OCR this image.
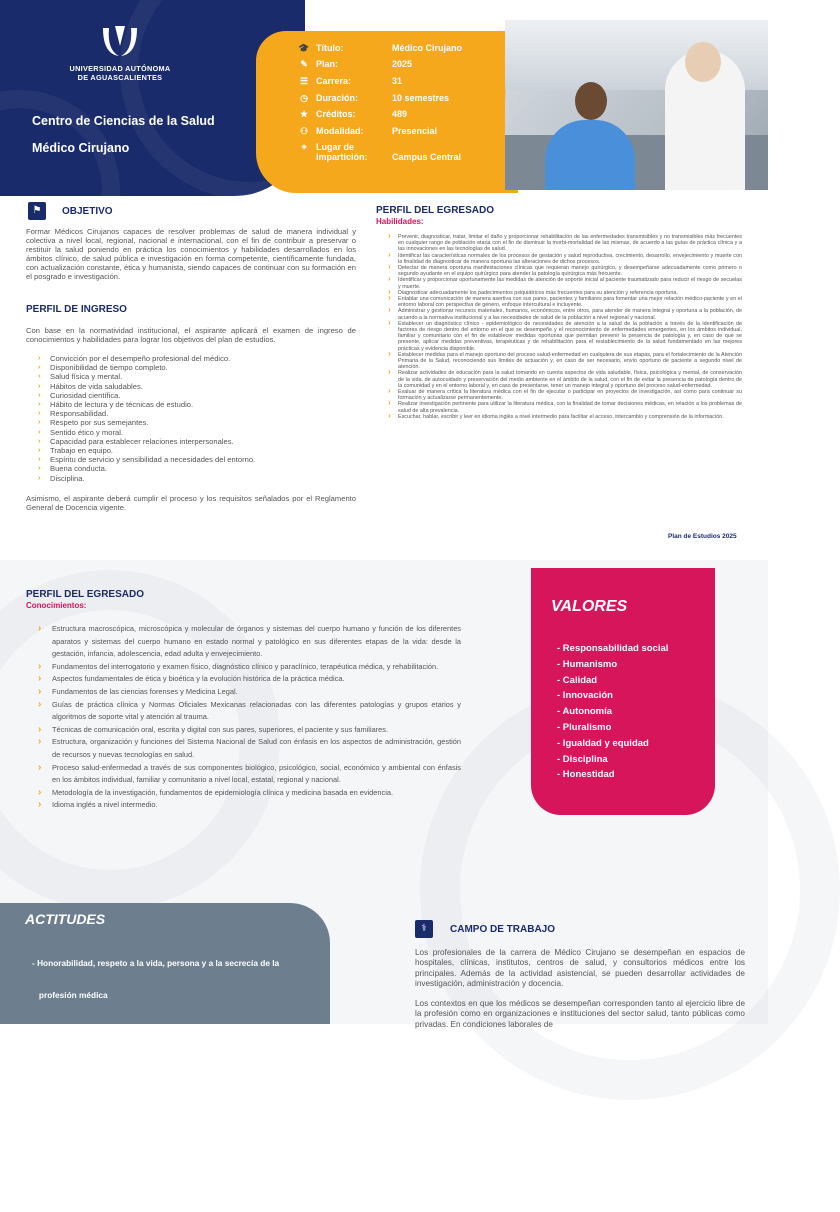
UNIVERSIDAD AUTÓNOMA
DE AGUASCALIENTES
Centro de Ciencias de la Salud
Médico Cirujano
🎓 Título:	Médico Cirujano
✎ Plan:	2025
☰ Carrera:	31
◷ Duración:	10 semestres
★ Créditos:	489
⚇ Modalidad:	Presencial
⌖	Lugar de impartición:	Campus Central
⚑	OBJETIVO
Formar Médicos Cirujanos capaces de resolver problemas de salud de manera individual y colectiva a nivel local, regional, nacional e internacional, con el fin de contribuir a preservar o restituir la salud poniendo en práctica los conocimientos y habilidades desarrollados en los ámbitos clínico, de salud pública e investigación en forma competente, científicamente fundada, con actualización constante, ética y humanista, siendo capaces de continuar con su formación en el posgrado e investigación.
PERFIL DE INGRESO
Con base en la normatividad institucional, el aspirante aplicará el examen de ingreso de conocimientos y habilidades para lograr los objetivos del plan de estudios.
› Convicción por el desempeño profesional del médico.
› Disponibilidad de tiempo completo.
› Salud física y mental.
› Hábitos de vida saludables.
› Curiosidad científica.
› Hábito de lectura y de técnicas de estudio.
› Responsabilidad.
› Respeto por sus semejantes.
› Sentido ético y moral.
› Capacidad para establecer relaciones interpersonales.
› Trabajo en equipo.
› Espíritu de servicio y sensibilidad a necesidades del entorno.
› Buena conducta.
› Disciplina.
Asimismo, el aspirante deberá cumplir el proceso y los requisitos señalados por el Reglamento General de Docencia vigente.
PERFIL DEL EGRESADO
Habilidades:
› Prevenir, diagnosticar, tratar, limitar el daño y proporcionar rehabilitación de las enfermedades transmisibles y no transmisibles más frecuentes en cualquier rango de población etaria con el fin de disminuir la morbi-mortalidad de las mismas, de acuerdo a las guías de práctica clínica y a las innovaciones en las tecnologías de salud.
› Identificar las características normales de los procesos de gestación y salud reproductiva, crecimiento, desarrollo, envejecimiento y muerte con la finalidad de diagnosticar de manera oportuna las alteraciones de dichos procesos.
› Detectar de manera oportuna manifestaciones clínicas que requieran manejo quirúrgico, y desempeñarse adecuadamente como primero o segundo ayudante en el equipo quirúrgico para atender la patología quirúrgica más frecuente.
› Identificar y proporcionar oportunamente las medidas de atención de soporte inicial al paciente traumatizado para reducir el riesgo de secuelas y muerte.
› Diagnosticar adecuadamente los padecimientos psiquiátricos más frecuentes para su atención y referencia oportuna.
› Entablar una comunicación de manera asertiva con sus pares, pacientes y familiares para fomentar una mejor relación médico-paciente y en el entorno laboral con perspectiva de género, enfoque intercultural e incluyente.
› Administrar y gestionar recursos materiales, humanos, económicos, entre otros, para atender de manera integral y oportuna a la población, de acuerdo a la normativa institucional y a las necesidades de salud de la población a nivel regional y nacional.
› Establecer un diagnóstico clínico - epidemiológico de necesidades de atención a la salud de la población a través de la identificación de factores de riesgo dentro del entorno en el que se desempeñe y el reconocimiento de enfermedades emergentes, en los ámbitos individual, familiar y comunitario con el fin de establecer medidas oportunas que permitan prevenir la presencia de patología y, en caso de que se presente, aplicar medidas preventivas, terapéuticas y de rehabilitación para el restablecimiento de la salud fundamentado en las mejores prácticas y evidencia disponible.
› Establecer medidas para el manejo oportuno del proceso salud-enfermedad en cualquiera de sus etapas, para el fortalecimiento de la Atención Primaria de la Salud, reconociendo sus límites de actuación y, en caso de ser necesario, envío oportuno de paciente a segundo nivel de atención.
› Realizar actividades de educación para la salud tomando en cuenta aspectos de vida saludable, física, psicológica y mental, de conservación de la vida, de autocuidado y preservación del medio ambiente en el ámbito de la salud, con el fin de evitar la presencia de patología dentro de la comunidad y en el entorno laboral y, en caso de presentarse, tener un manejo integral y oportuno del proceso salud-enfermedad.
› Evaluar de manera crítica la literatura médica con el fin de ejecutar o participar en proyectos de investigación, así como para continuar su formación y actualizarse permanentemente.
› Realizar investigación pertinente para utilizar la literatura médica, con la finalidad de tomar decisiones médicas, en relación a los problemas de salud de alta prevalencia.
› Escuchar, hablar, escribir y leer en idioma inglés a nivel intermedio para facilitar el acceso, intercambio y comprensión de la información.
Plan de Estudios 2025
PERFIL DEL EGRESADO
Conocimientos:
› Estructura macroscópica, microscópica y molecular de órganos y sistemas del cuerpo humano y función de los diferentes aparatos y sistemas del cuerpo humano en estado normal y patológico en sus diferentes etapas de la vida: desde la gestación, infancia, adolescencia, edad adulta y envejecimiento.
› Fundamentos del interrogatorio y examen físico, diagnóstico clínico y paraclínico, terapéutica médica, y rehabilitación.
› Aspectos fundamentales de ética y bioética y la evolución histórica de la práctica médica.
› Fundamentos de las ciencias forenses y Medicina Legal.
› Guías de práctica clínica y Normas Oficiales Mexicanas relacionadas con las diferentes patologías y grupos etarios y algoritmos de soporte vital y atención al trauma.
› Técnicas de comunicación oral, escrita y digital con sus pares, superiores, el paciente y sus familiares.
› Estructura, organización y funciones del Sistema Nacional de Salud con énfasis en los aspectos de administración, gestión de recursos y nuevas tecnologías en salud.
› Proceso salud-enfermedad a través de sus componentes biológico, psicológico, social, económico y ambiental con énfasis en los ámbitos individual, familiar y comunitario a nivel local, estatal, regional y nacional.
› Metodología de la investigación, fundamentos de epidemiología clínica y medicina basada en evidencia.
› Idioma inglés a nivel intermedio.
VALORES
- Responsabilidad social
- Humanismo
- Calidad
- Innovación
- Autonomía
- Pluralismo
- Igualdad y equidad
- Disciplina
- Honestidad
ACTITUDES

- Honorabilidad, respeto a la vida, persona y a la secrecía de la

profesión médica

- Espíritu emprendedor

- Ética profesional

- Crítica y autocrítica

- Compañerismo y trabajo en equipo de manera interprofesional

e interdisciplinar

- Resiliencia

⚕	CAMPO DE TRABAJO
Los profesionales de la carrera de Médico Cirujano se desempeñan en espacios de hospitales, clínicas, institutos, centros de salud, y consultorios médicos entre los principales. Además de la actividad asistencial, se pueden desarrollar actividades de investigación, administración y docencia.
Los contextos en que los médicos se desempeñan corresponden tanto al ejercicio libre de la profesión como en organizaciones e instituciones del sector salud, tanto públicas como privadas. En condiciones laborales de
